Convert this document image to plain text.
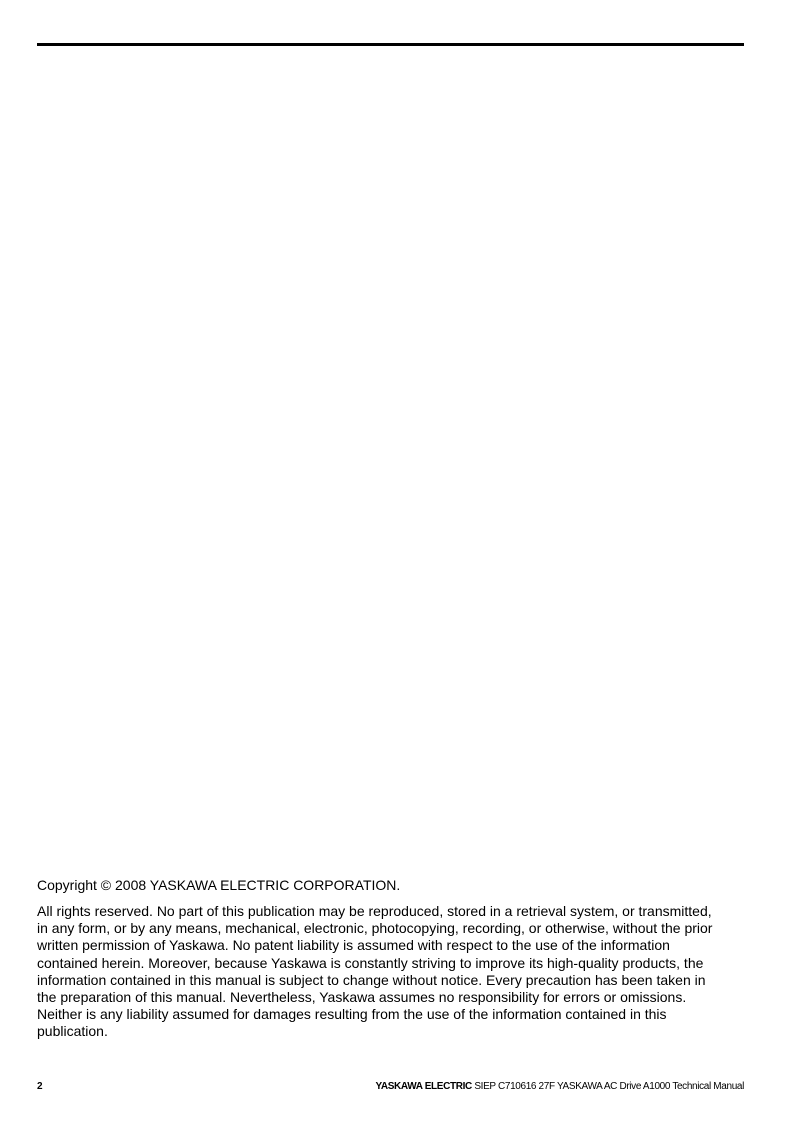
Copyright © 2008 YASKAWA ELECTRIC CORPORATION.
All rights reserved. No part of this publication may be reproduced, stored in a retrieval system, or transmitted,
in any form, or by any means, mechanical, electronic, photocopying, recording, or otherwise, without the prior
written permission of Yaskawa. No patent liability is assumed with respect to the use of the information
contained herein. Moreover, because Yaskawa is constantly striving to improve its high-quality products, the
information contained in this manual is subject to change without notice. Every precaution has been taken in
the preparation of this manual. Nevertheless, Yaskawa assumes no responsibility for errors or omissions.
Neither is any liability assumed for damages resulting from the use of the information contained in this
publication.
2	YASKAWA ELECTRIC SIEP C710616 27F YASKAWA AC Drive A1000 Technical Manual
